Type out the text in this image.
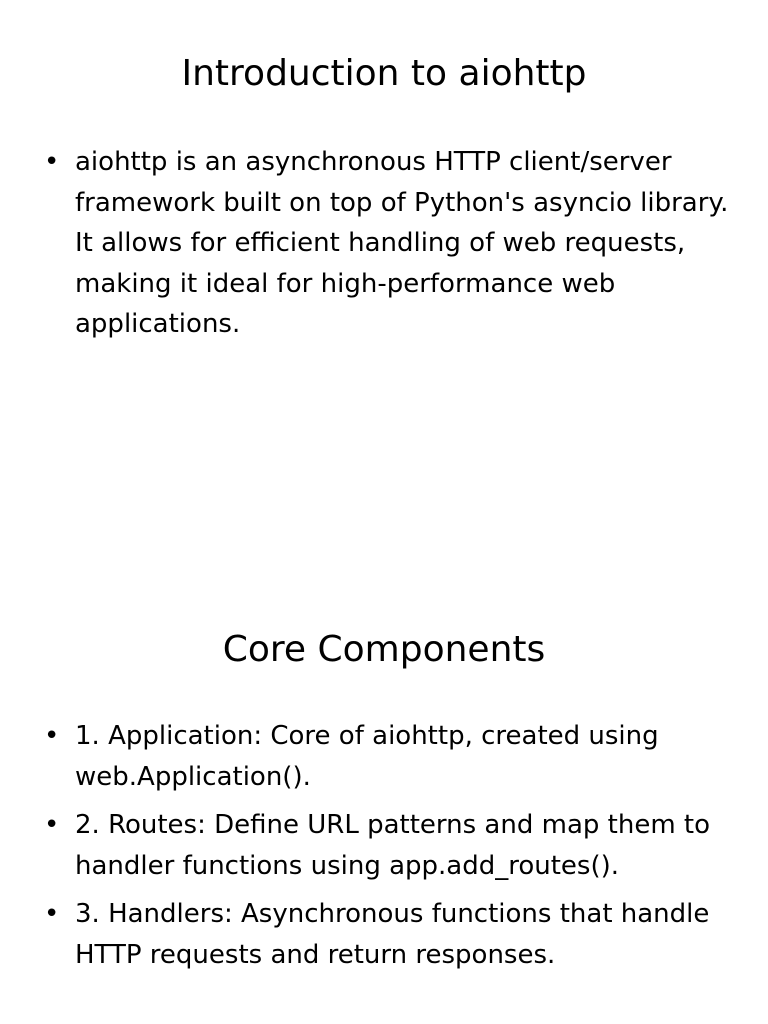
Introduction to aiohttp
• aiohttp is an asynchronous HTTP client/server framework built on top of Python's asyncio library. It allows for efficient handling of web requests, making it ideal for high-performance web applications.
Core Components
• 1. Application: Core of aiohttp, created using web.Application().
• 2. Routes: Define URL patterns and map them to handler functions using app.add_routes().
• 3. Handlers: Asynchronous functions that handle HTTP requests and return responses.
